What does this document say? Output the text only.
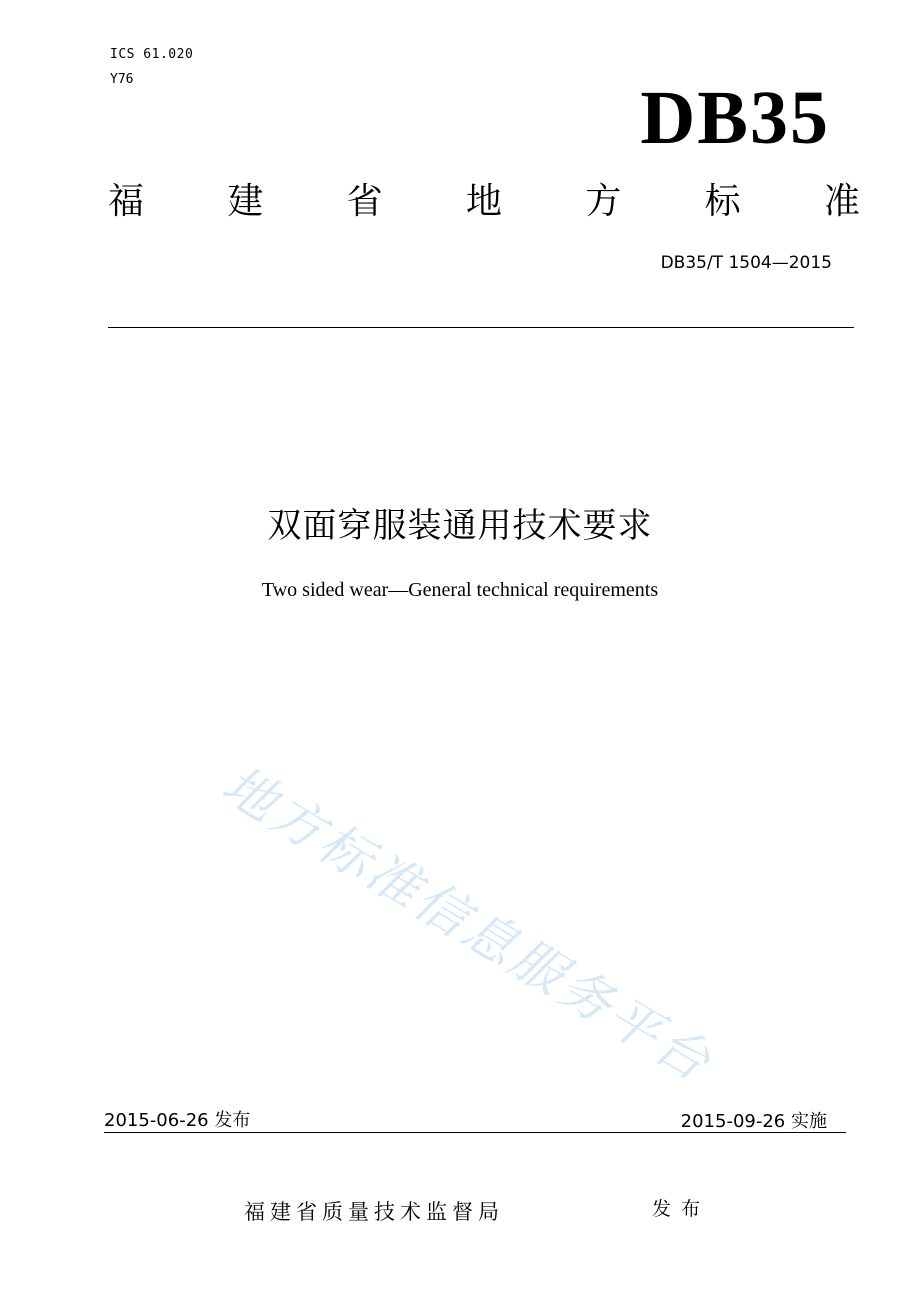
ICS 61.020
Y76	DB35
福 建 省 地 方 标 准
DB35/T 1504—2015
双面穿服装通用技术要求
Two sided wear—General technical requirements
地方标准信息服务平台
2015-06-26 发布	2015-09-26 实施
福建省质量技术监督局	发布
